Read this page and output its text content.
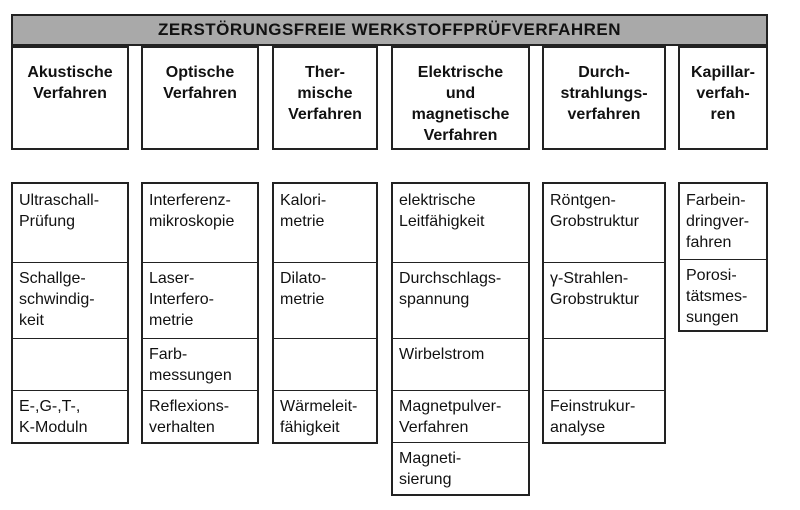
ZERSTÖRUNGSFREIE WERKSTOFFPRÜFVERFAHREN
Akustische
Verfahren
Optische
Verfahren
Ther-
mische
Verfahren
Elektrische
und
magnetische
Verfahren
Durch-
strahlungs-
verfahren
Kapillar-
verfah-
ren
Ultraschall-
Prüfung
Schallge-
schwindig-
keit
E-,G-,T-,
K-Moduln
Interferenz-
mikroskopie
Laser-
Interfero-
metrie
Farb-
messungen
Reflexions-
verhalten
Kalori-
metrie
Dilato-
metrie
Wärmeleit-
fähigkeit
elektrische
Leitfähigkeit
Durchschlags-
spannung
Wirbelstrom
Magnetpulver-
Verfahren
Magneti-
sierung
Röntgen-
Grobstruktur
γ-Strahlen-
Grobstruktur
Feinstrukur-
analyse
Farbein-
dringver-
fahren
Porosi-
tätsmes-
sungen
